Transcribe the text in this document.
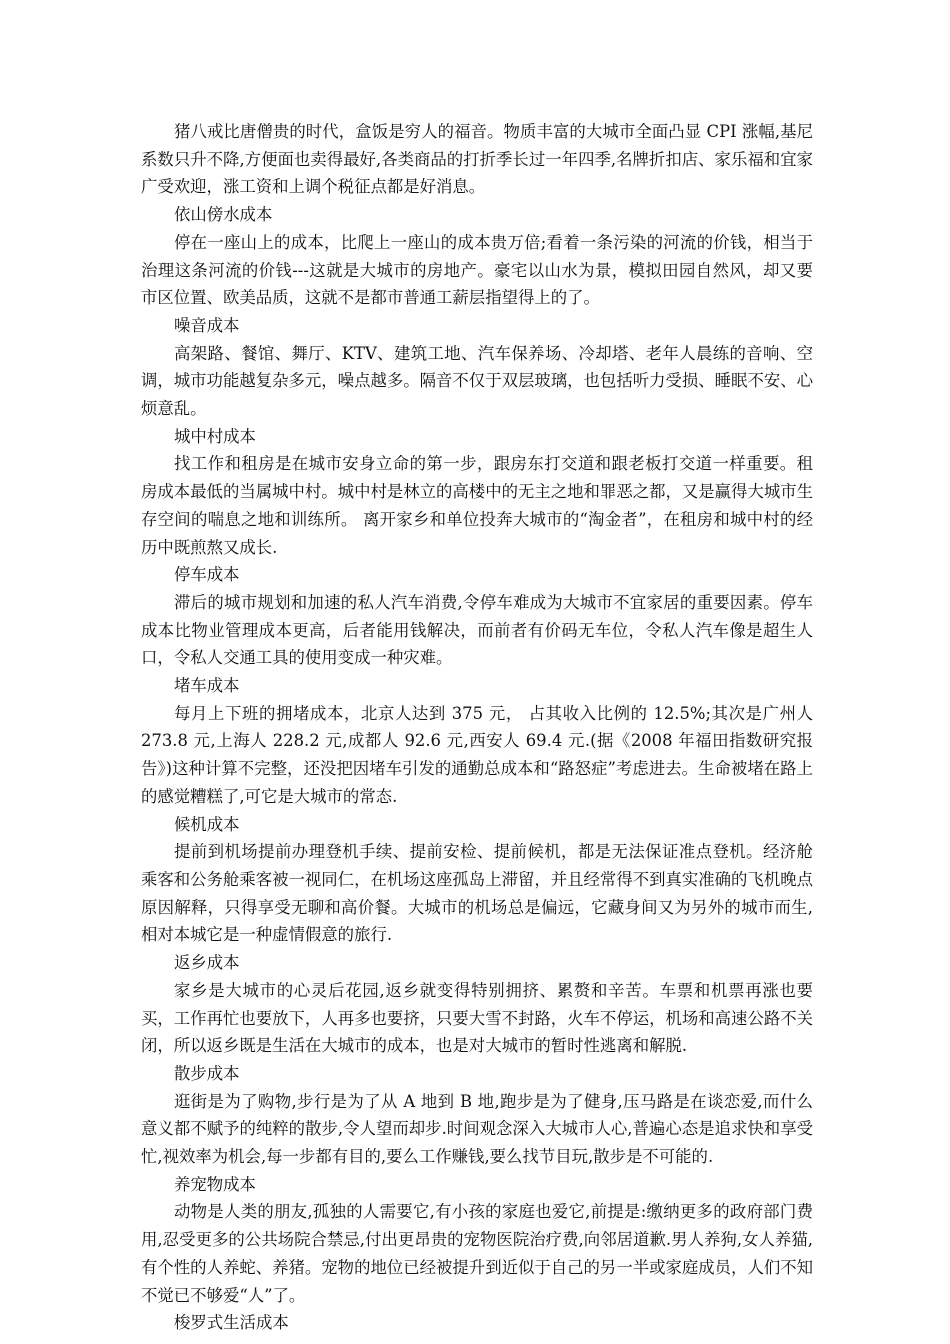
猪八戒比唐僧贵的时代，盒饭是穷人的福音。物质丰富的大城市全面凸显 CPI 涨幅,基尼系数只升不降,方便面也卖得最好,各类商品的打折季长过一年四季,名牌折扣店、家乐福和宜家广受欢迎，涨工资和上调个税征点都是好消息。

依山傍水成本

停在一座山上的成本，比爬上一座山的成本贵万倍;看着一条污染的河流的价钱，相当于治理这条河流的价钱---这就是大城市的房地产。豪宅以山水为景，模拟田园自然风，却又要市区位置、欧美品质，这就不是都市普通工薪层指望得上的了。

噪音成本

高架路、餐馆、舞厅、KTV、建筑工地、汽车保养场、冷却塔、老年人晨练的音响、空调，城市功能越复杂多元，噪点越多。隔音不仅于双层玻璃，也包括听力受损、睡眠不安、心烦意乱。

城中村成本

找工作和租房是在城市安身立命的第一步，跟房东打交道和跟老板打交道一样重要。租房成本最低的当属城中村。城中村是林立的高楼中的无主之地和罪恶之都，又是赢得大城市生存空间的喘息之地和训练所。 离开家乡和单位投奔大城市的“淘金者”，在租房和城中村的经历中既煎熬又成长.

停车成本

滞后的城市规划和加速的私人汽车消费,令停车难成为大城市不宜家居的重要因素。停车成本比物业管理成本更高，后者能用钱解决，而前者有价码无车位，令私人汽车像是超生人口，令私人交通工具的使用变成一种灾难。

堵车成本

每月上下班的拥堵成本，北京人达到 375 元， 占其收入比例的 12.5%;其次是广州人 273.8 元,上海人 228.2 元,成都人 92.6 元,西安人 69.4 元.(据《2008 年福田指数研究报告》)这种计算不完整，还没把因堵车引发的通勤总成本和“路怒症”考虑进去。生命被堵在路上的感觉糟糕了,可它是大城市的常态.

候机成本

提前到机场提前办理登机手续、提前安检、提前候机，都是无法保证准点登机。经济舱乘客和公务舱乘客被一视同仁，在机场这座孤岛上滞留，并且经常得不到真实准确的飞机晚点原因解释，只得享受无聊和高价餐。大城市的机场总是偏远，它藏身间又为另外的城市而生,相对本城它是一种虚情假意的旅行.

返乡成本

家乡是大城市的心灵后花园,返乡就变得特别拥挤、累赘和辛苦。车票和机票再涨也要买，工作再忙也要放下，人再多也要挤，只要大雪不封路，火车不停运，机场和高速公路不关闭，所以返乡既是生活在大城市的成本，也是对大城市的暂时性逃离和解脱.

散步成本

逛街是为了购物,步行是为了从 A 地到 B 地,跑步是为了健身,压马路是在谈恋爱,而什么意义都不赋予的纯粹的散步,令人望而却步.时间观念深入大城市人心,普遍心态是追求快和享受忙,视效率为机会,每一步都有目的,要么工作赚钱,要么找节目玩,散步是不可能的.

养宠物成本

动物是人类的朋友,孤独的人需要它,有小孩的家庭也爱它,前提是:缴纳更多的政府部门费用,忍受更多的公共场院合禁忌,付出更昂贵的宠物医院治疗费,向邻居道歉.男人养狗,女人养猫,有个性的人养蛇、养猪。宠物的地位已经被提升到近似于自己的另一半或家庭成员，人们不知不觉已不够爱“人”了。

梭罗式生活成本
